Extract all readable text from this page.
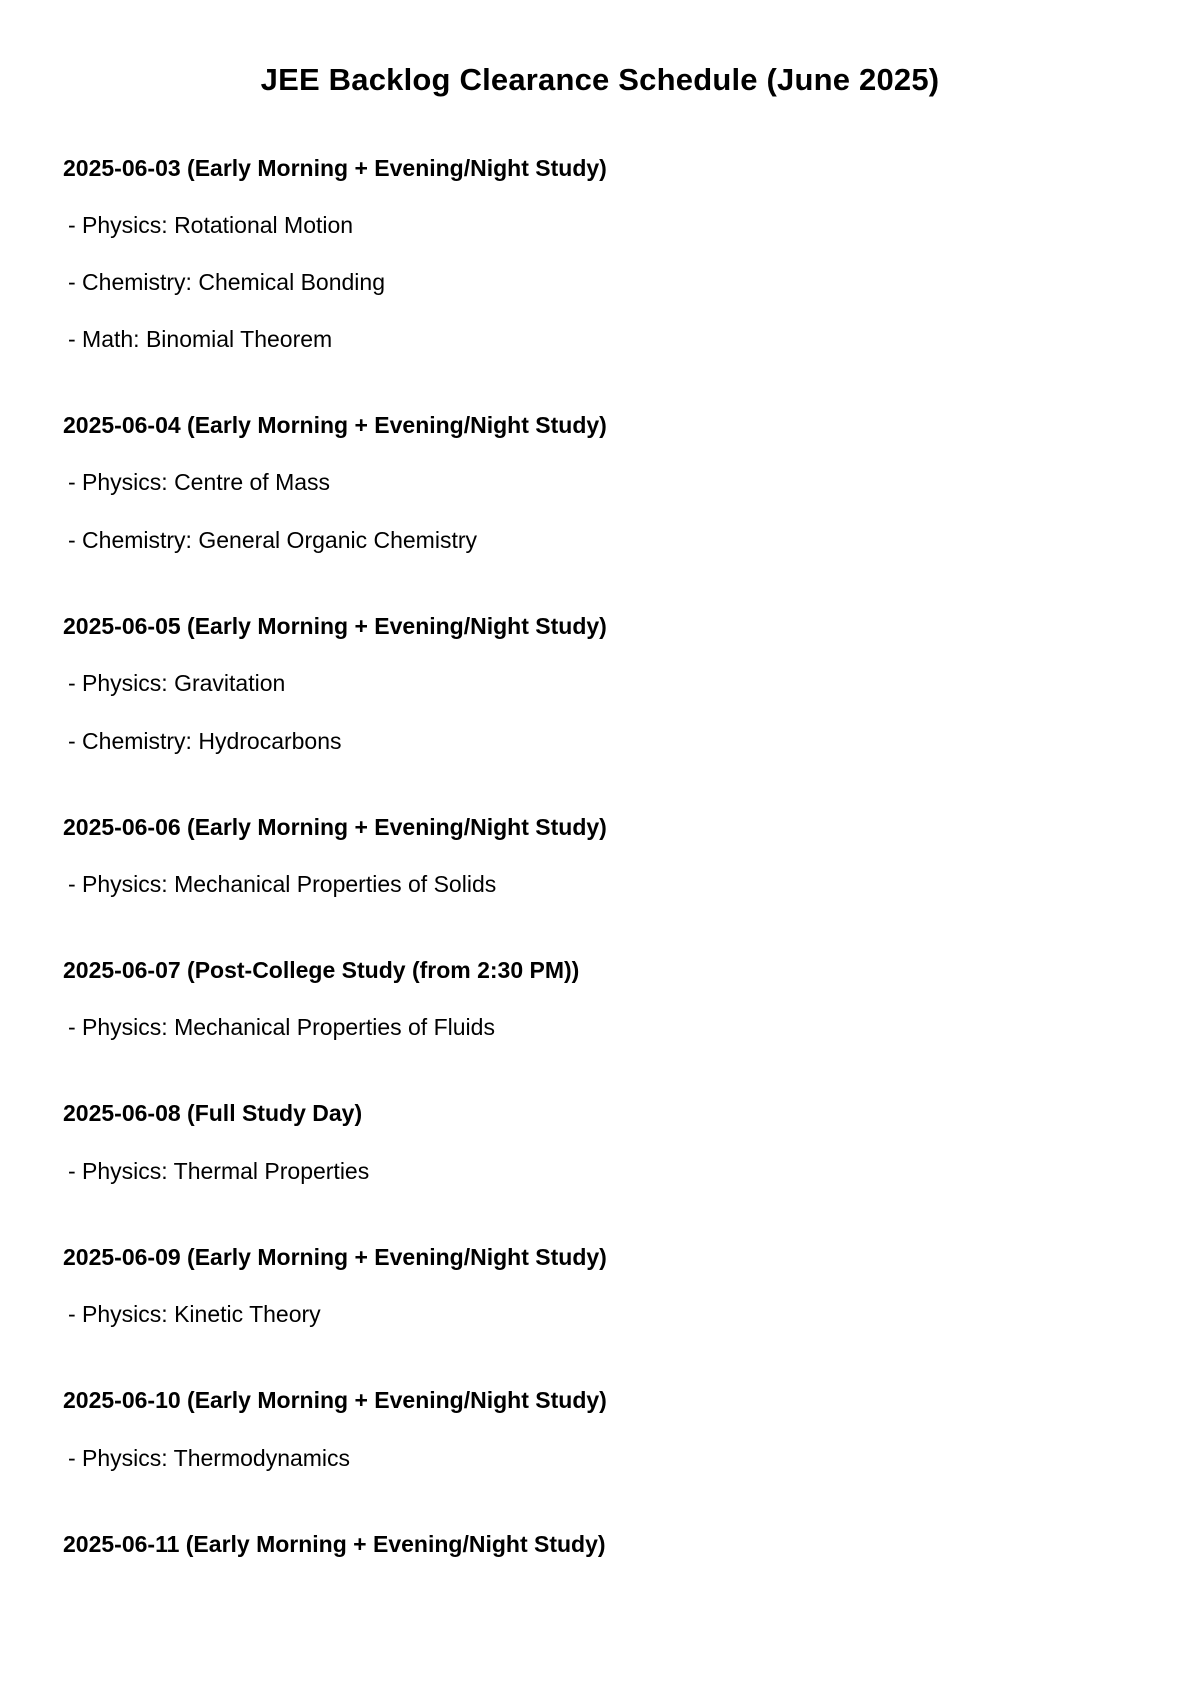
JEE Backlog Clearance Schedule (June 2025)
2025-06-03 (Early Morning + Evening/Night Study)
- Physics: Rotational Motion
- Chemistry: Chemical Bonding
- Math: Binomial Theorem
2025-06-04 (Early Morning + Evening/Night Study)
- Physics: Centre of Mass
- Chemistry: General Organic Chemistry
2025-06-05 (Early Morning + Evening/Night Study)
- Physics: Gravitation
- Chemistry: Hydrocarbons
2025-06-06 (Early Morning + Evening/Night Study)
- Physics: Mechanical Properties of Solids
2025-06-07 (Post-College Study (from 2:30 PM))
- Physics: Mechanical Properties of Fluids
2025-06-08 (Full Study Day)
- Physics: Thermal Properties
2025-06-09 (Early Morning + Evening/Night Study)
- Physics: Kinetic Theory
2025-06-10 (Early Morning + Evening/Night Study)
- Physics: Thermodynamics
2025-06-11 (Early Morning + Evening/Night Study)
